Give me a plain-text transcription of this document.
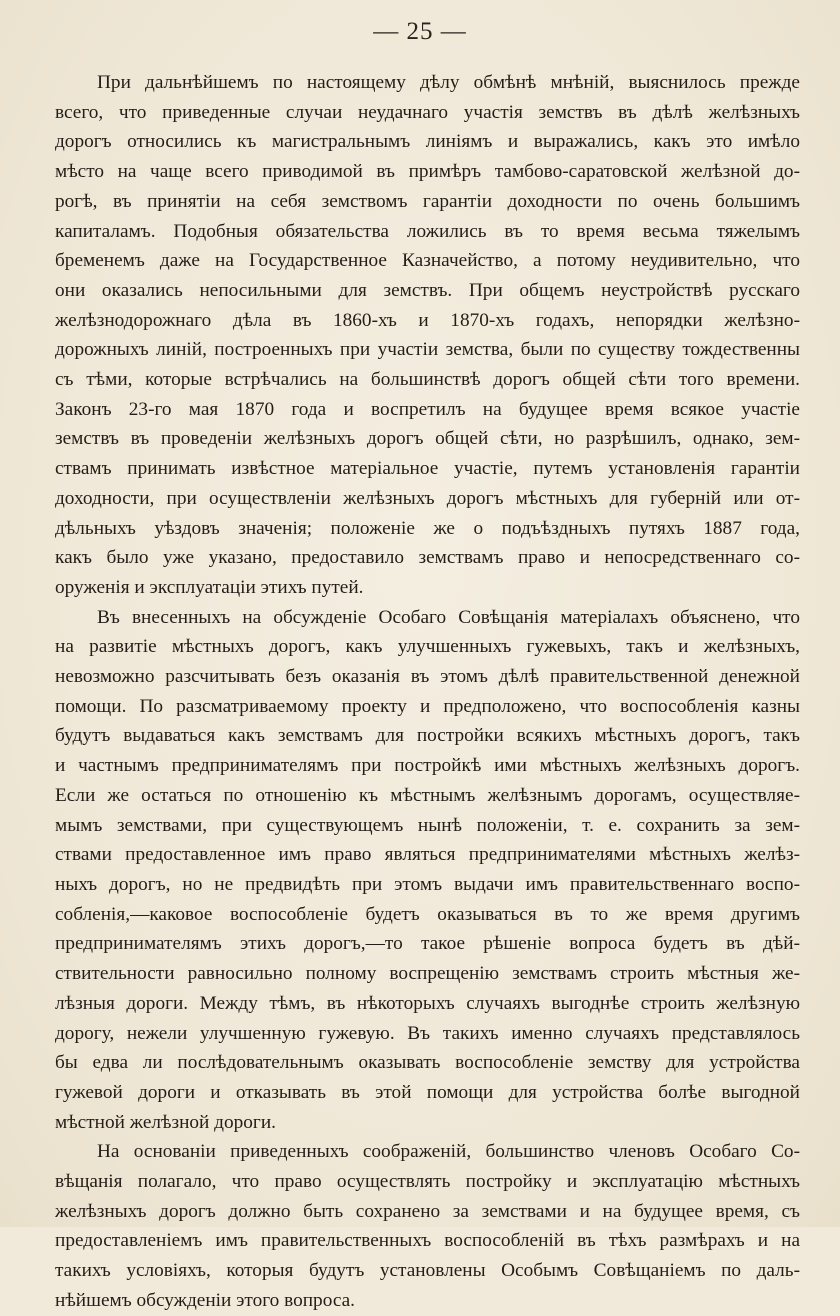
— 25 —

При дальнѣйшемъ по настоящему дѣлу обмѣнѣ мнѣній, выяснилось прежде
всего, что приведенные случаи неудачнаго участія земствъ въ дѣлѣ желѣзныхъ
дорогъ относились къ магистральнымъ линіямъ и выражались, какъ это имѣло
мѣсто на чаще всего приводимой въ примѣръ тамбово-саратовской желѣзной до-
рогѣ, въ принятіи на себя земствомъ гарантіи доходности по очень большимъ
капиталамъ. Подобныя обязательства ложились въ то время весьма тяжелымъ
бременемъ даже на Государственное Казначейство, а потому неудивительно, что
они оказались непосильными для земствъ. При общемъ неустройствѣ русскаго
желѣзнодорожнаго дѣла въ 1860-хъ и 1870-хъ годахъ, непорядки желѣзно-
дорожныхъ линій, построенныхъ при участіи земства, были по существу тождественны
съ тѣми, которые встрѣчались на большинствѣ дорогъ общей сѣти того времени.
Законъ 23-го мая 1870 года и воспретилъ на будущее время всякое участіе
земствъ въ проведеніи желѣзныхъ дорогъ общей сѣти, но разрѣшилъ, однако, зем-
ствамъ принимать извѣстное матеріальное участіе, путемъ установленія гарантіи
доходности, при осуществленіи желѣзныхъ дорогъ мѣстныхъ для губерній или от-
дѣльныхъ уѣздовъ значенія; положеніе же о подъѣздныхъ путяхъ 1887 года,
какъ было уже указано, предоставило земствамъ право и непосредственнаго со-
оруженія и эксплуатаціи этихъ путей.

Въ внесенныхъ на обсужденіе Особаго Совѣщанія матеріалахъ объяснено, что
на развитіе мѣстныхъ дорогъ, какъ улучшенныхъ гужевыхъ, такъ и желѣзныхъ,
невозможно разсчитывать безъ оказанія въ этомъ дѣлѣ правительственной денежной
помощи. По разсматриваемому проекту и предположено, что воспособленія казны
будутъ выдаваться какъ земствамъ для постройки всякихъ мѣстныхъ дорогъ, такъ
и частнымъ предпринимателямъ при постройкѣ ими мѣстныхъ желѣзныхъ дорогъ.
Если же остаться по отношенію къ мѣстнымъ желѣзнымъ дорогамъ, осуществляе-
мымъ земствами, при существующемъ нынѣ положеніи, т. е. сохранить за зем-
ствами предоставленное имъ право являться предпринимателями мѣстныхъ желѣз-
ныхъ дорогъ, но не предвидѣть при этомъ выдачи имъ правительственнаго воспо-
собленія,—каковое воспособленіе будетъ оказываться въ то же время другимъ
предпринимателямъ этихъ дорогъ,—то такое рѣшеніе вопроса будетъ въ дѣй-
ствительности равносильно полному воспрещенію земствамъ строить мѣстныя же-
лѣзныя дороги. Между тѣмъ, въ нѣкоторыхъ случаяхъ выгоднѣе строить желѣзную
дорогу, нежели улучшенную гужевую. Въ такихъ именно случаяхъ представлялось
бы едва ли послѣдовательнымъ оказывать воспособленіе земству для устройства
гужевой дороги и отказывать въ этой помощи для устройства болѣе выгодной
мѣстной желѣзной дороги.

На основаніи приведенныхъ соображеній, большинство членовъ Особаго Со-
вѣщанія полагало, что право осуществлять постройку и эксплуатацію мѣстныхъ
желѣзныхъ дорогъ должно быть сохранено за земствами и на будущее время, съ
предоставленіемъ имъ правительственныхъ воспособленій въ тѣхъ размѣрахъ и на
такихъ условіяхъ, которыя будутъ установлены Особымъ Совѣщаніемъ по даль-
нѣйшемъ обсужденіи этого вопроса.
